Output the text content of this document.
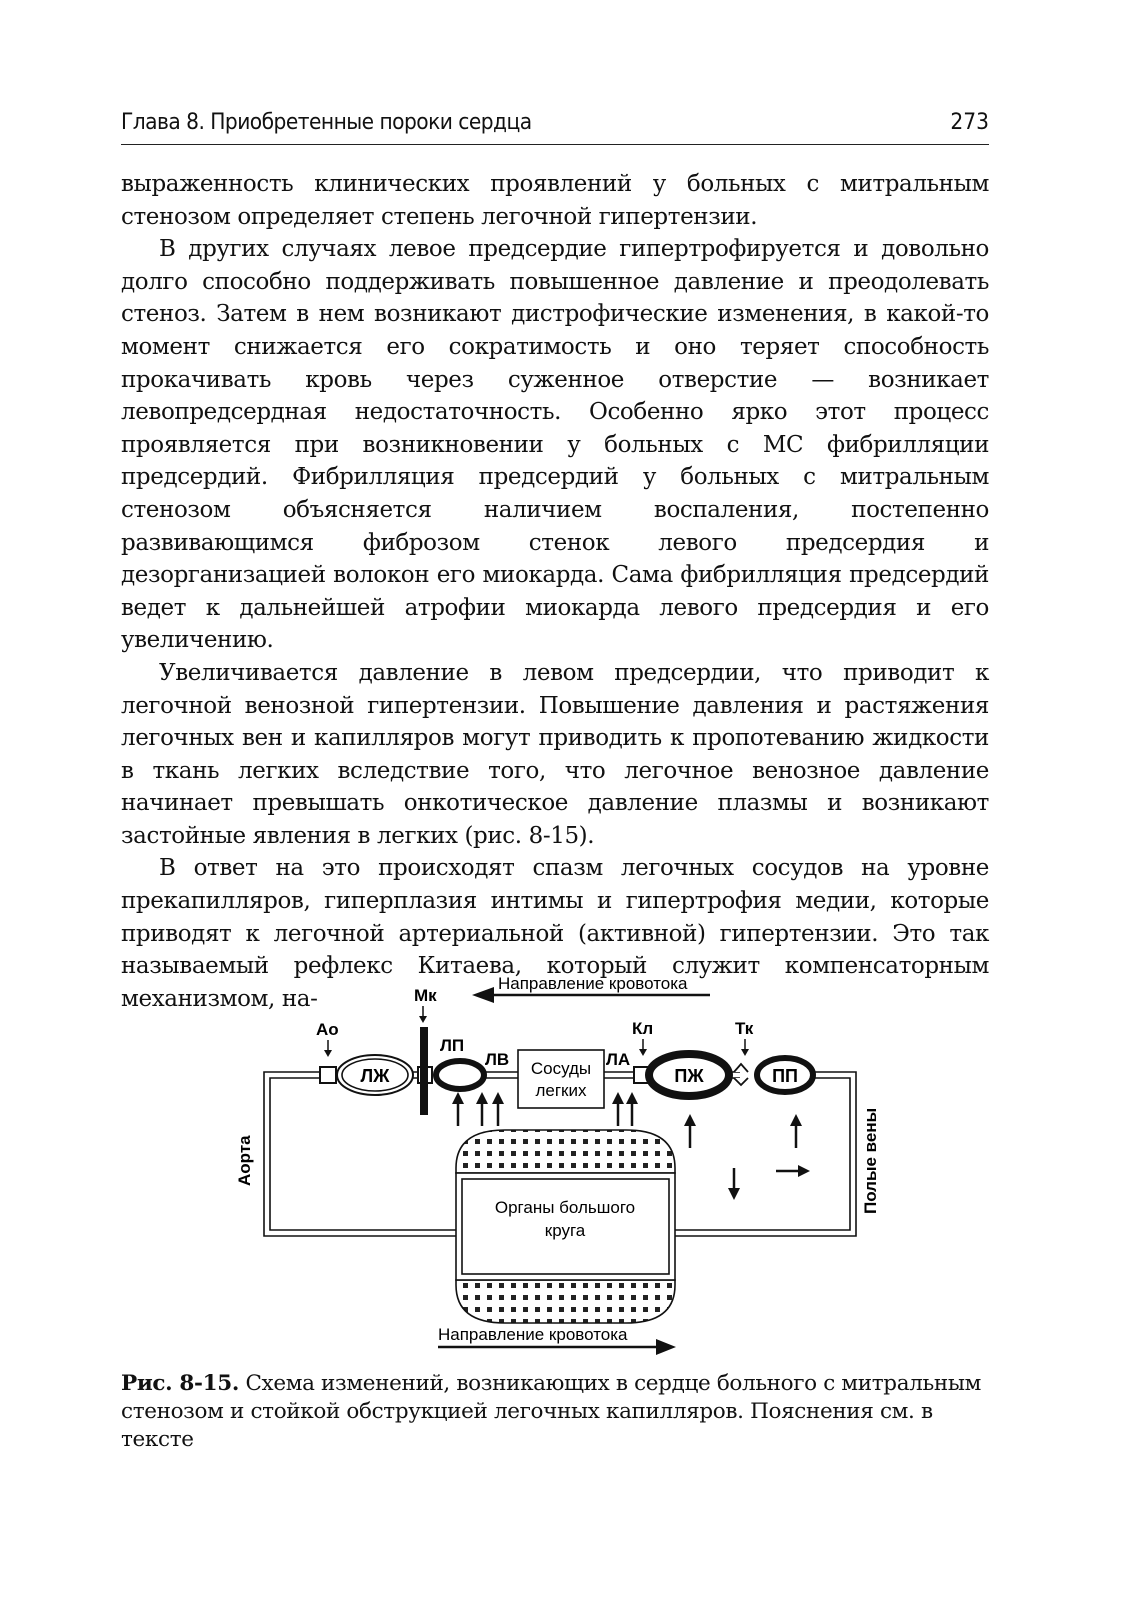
Глава 8. Приобретенные пороки сердца	273

выраженность клинических проявлений у больных с митральным стенозом определяет степень легочной гипертензии.

В других случаях левое предсердие гипертрофируется и довольно долго способно поддерживать повышенное давление и преодолевать стеноз. Затем в нем возникают дистрофические изменения, в какой-то момент снижается его сократимость и оно теряет способность прокачивать кровь через суженное отверстие — возникает левопредсердная недостаточность. Особенно ярко этот процесс проявляется при возникновении у больных с МС фибрилляции предсердий. Фибрилляция предсердий у больных с митральным стенозом объясняется наличием воспаления, постепенно развивающимся фиброзом стенок левого предсердия и дезорганизацией волокон его миокарда. Сама фибрилляция предсердий ведет к дальнейшей атрофии миокарда левого предсердия и его увеличению.

Увеличивается давление в левом предсердии, что приводит к легочной венозной гипертензии. Повышение давления и растяжения легочных вен и капилляров могут приводить к пропотеванию жидкости в ткань легких вследствие того, что легочное венозное давление начинает превышать онкотическое давление плазмы и возникают застойные явления в легких (рис. 8-15).

В ответ на это происходят спазм легочных сосудов на уровне прекапилляров, гиперплазия интимы и гипертрофия медии, которые приводят к легочной артериальной (активной) гипертензии. Это так называемый рефлекс Китаева, который служит компенсаторным механизмом, на-

Направление кровотока
Мк
Ао	Кл	Тк
ЛЖ
ЛП
ЛВ Сосуды
легких
ЛА
ПЖ	ПП
Аорта	Полые вены
Органы большого
круга
Направление кровотока
Рис. 8-15. Схема изменений, возникающих в сердце больного с митральным стенозом и стойкой обструкцией легочных капилляров. Пояснения см. в тексте
